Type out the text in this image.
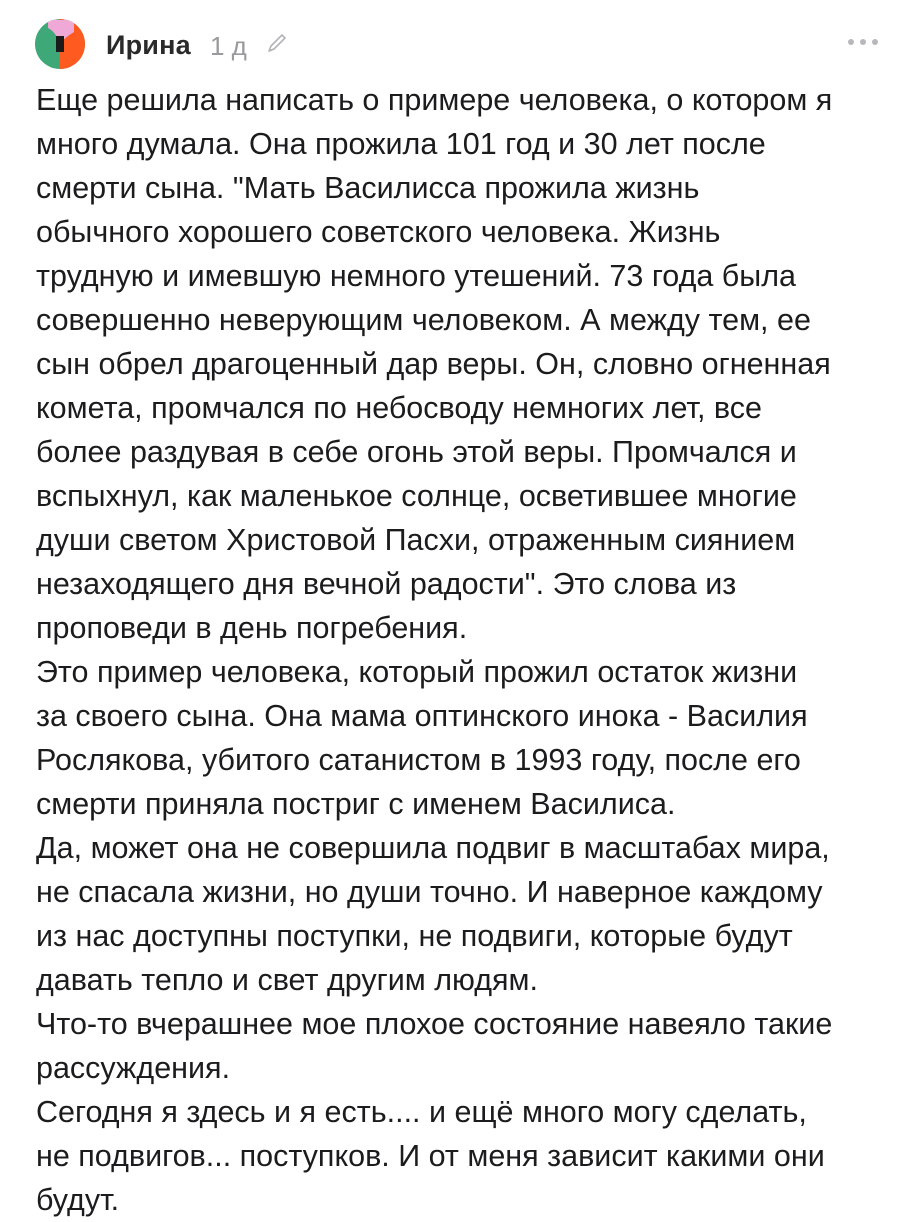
Ирина 1 д

Еще решила написать о примере человека, о котором я
много думала. Она прожила 101 год и 30 лет после
смерти сына. "Мать Василисса прожила жизнь
обычного хорошего советского человека. Жизнь
трудную и имевшую немного утешений. 73 года была
совершенно неверующим человеком. А между тем, ее
сын обрел драгоценный дар веры. Он, словно огненная
комета, промчался по небосводу немногих лет, все
более раздувая в себе огонь этой веры. Промчался и
вспыхнул, как маленькое солнце, осветившее многие
души светом Христовой Пасхи, отраженным сиянием
незаходящего дня вечной радости". Это слова из
проповеди в день погребения.

Это пример человека, который прожил остаток жизни
за своего сына. Она мама оптинского инока - Василия
Рослякова, убитого сатанистом в 1993 году, после его
смерти приняла постриг с именем Василиса.

Да, может она не совершила подвиг в масштабах мира,
не спасала жизни, но души точно. И наверное каждому
из нас доступны поступки, не подвиги, которые будут
давать тепло и свет другим людям.

Что-то вчерашнее мое плохое состояние навеяло такие
рассуждения.

Сегодня я здесь и я есть.... и ещё много могу сделать,
не подвигов... поступков. И от меня зависит какими они
будут.
